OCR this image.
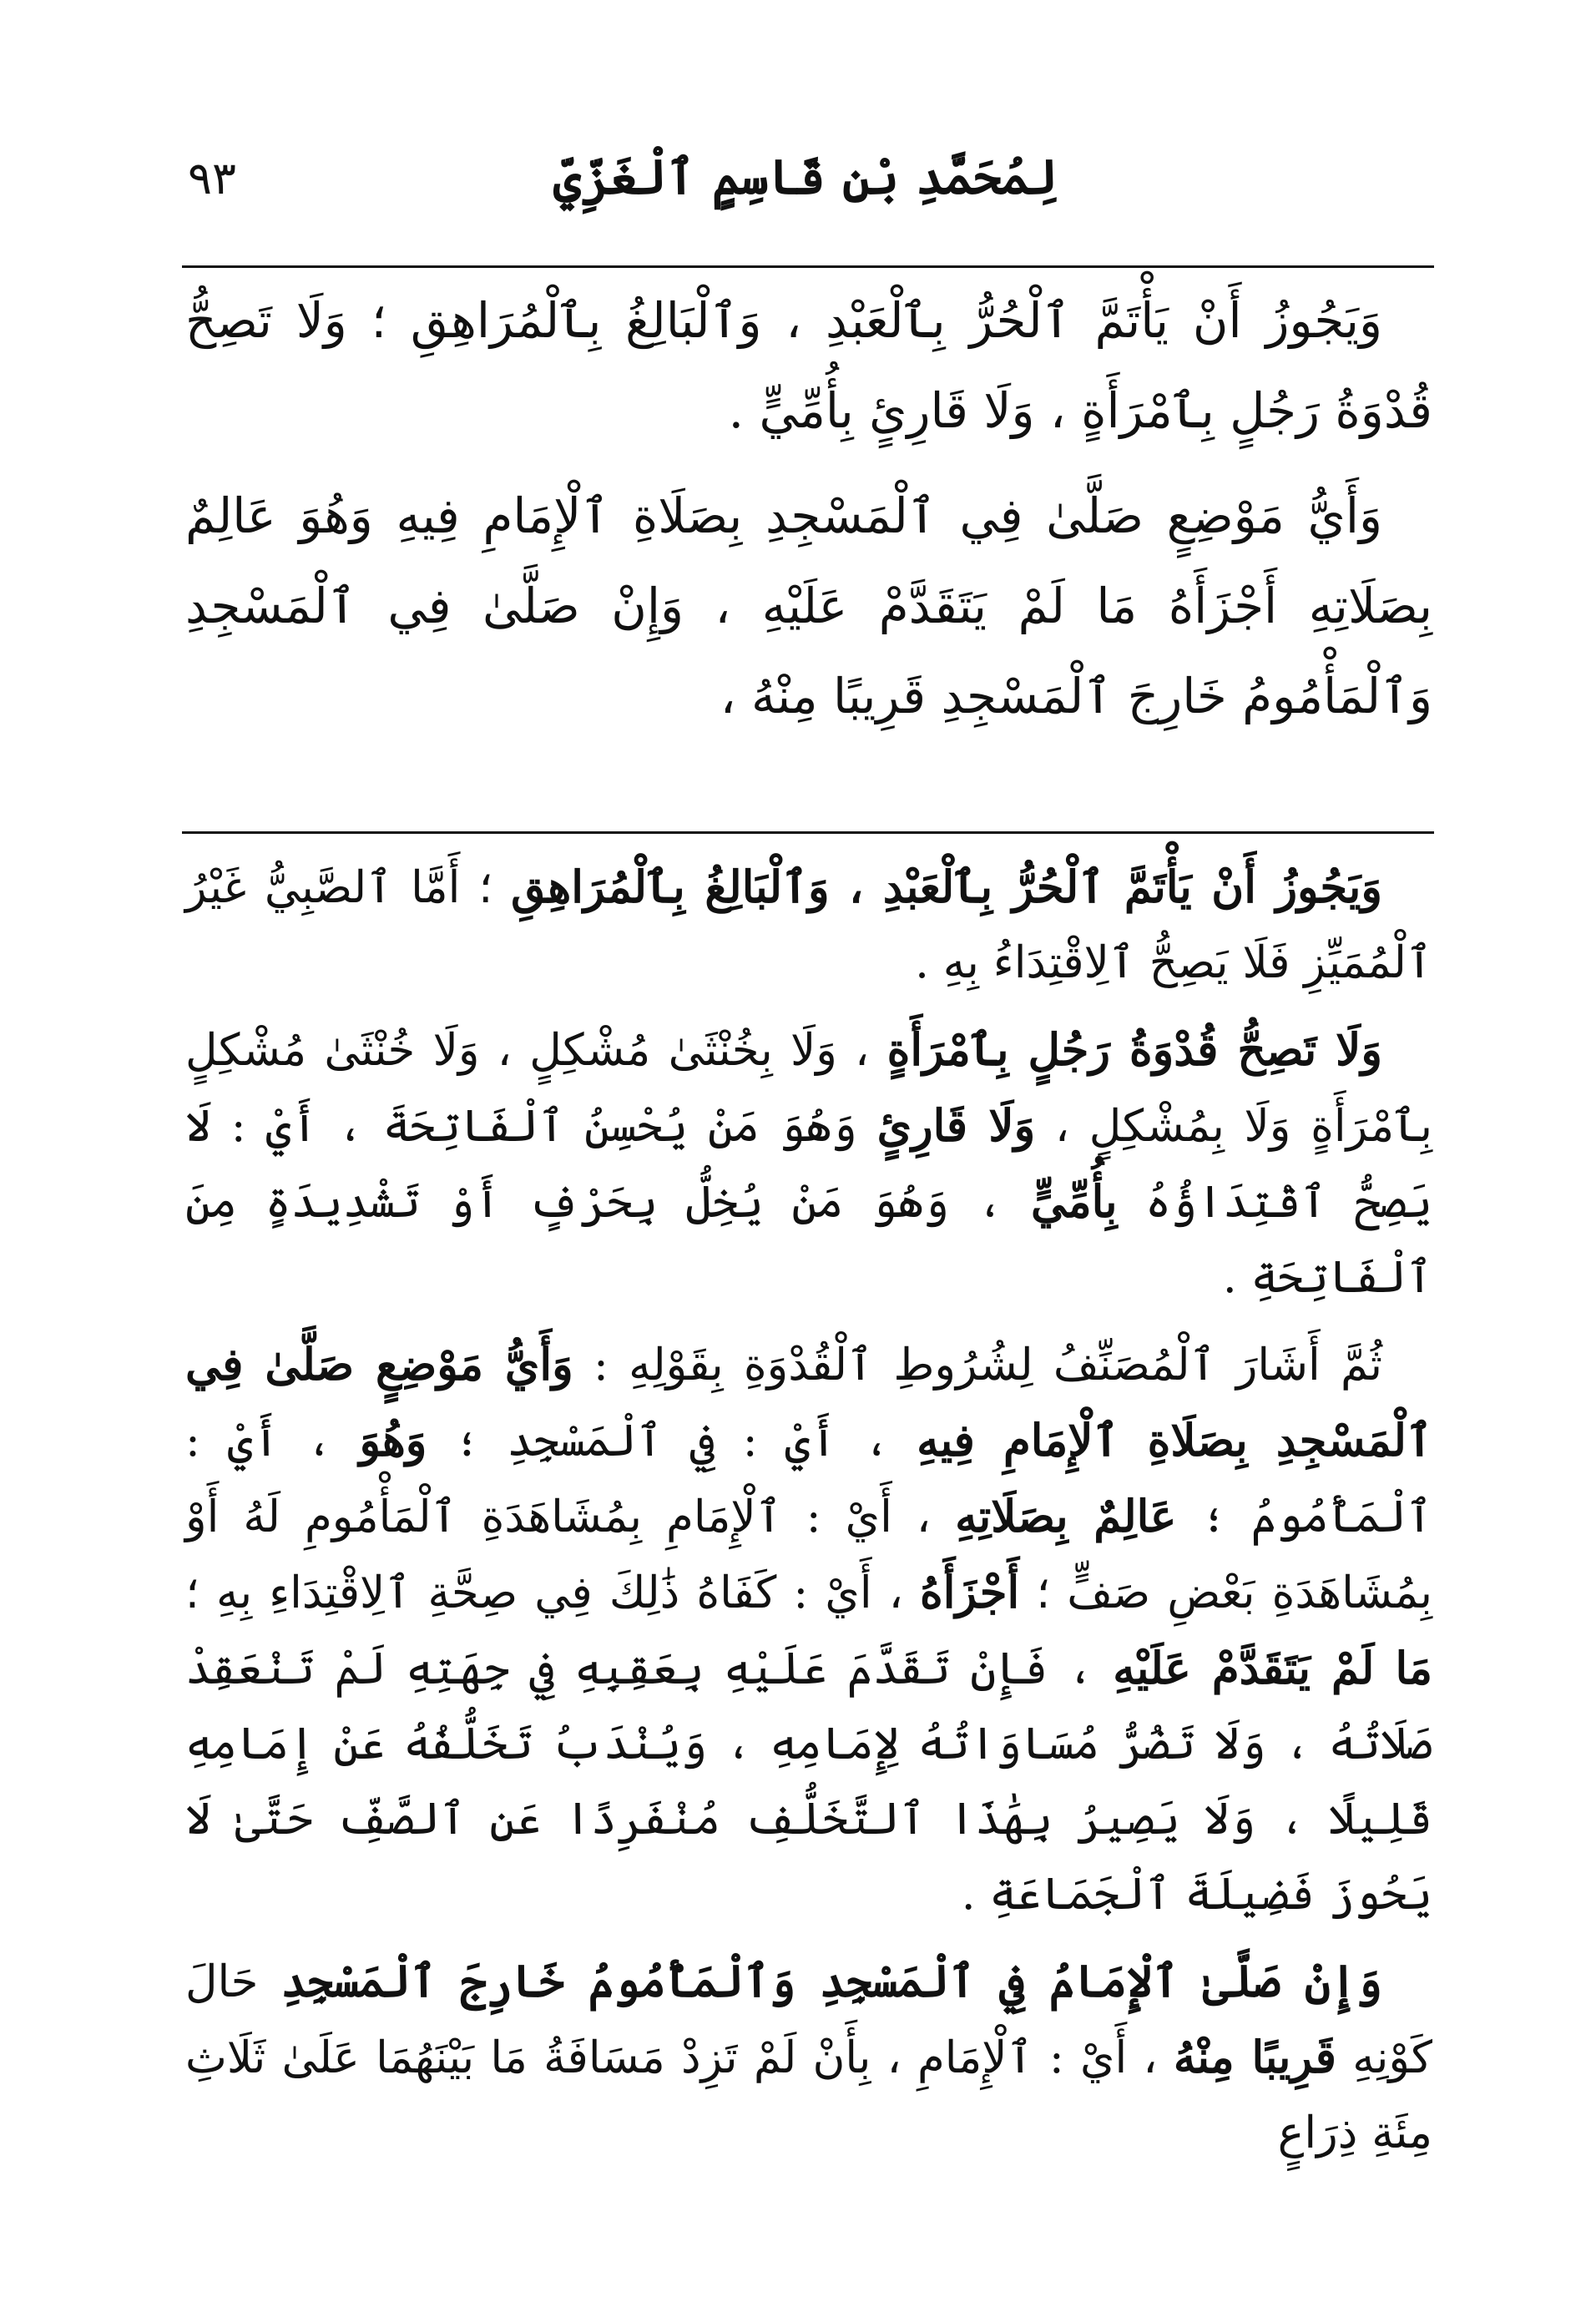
لِمُحَمَّدِ بْنِ قَاسِمٍ ٱلْغَزِّيِّ
٩٣

وَيَجُوزُ أَنْ يَأْتَمَّ ٱلْحُرُّ بِٱلْعَبْدِ ، وَٱلْبَالِغُ بِٱلْمُرَاهِقِ ؛ وَلَا تَصِحُّ قُدْوَةُ رَجُلٍ بِٱمْرَأَةٍ ، وَلَا قَارِئٍ بِأُمِّيٍّ .

وَأَيُّ مَوْضِعٍ صَلَّىٰ فِي ٱلْمَسْجِدِ بِصَلَاةِ ٱلْإِمَامِ فِيهِ وَهُوَ عَالِمٌ بِصَلَاتِهِ أَجْزَأَهُ مَا لَمْ يَتَقَدَّمْ عَلَيْهِ ، وَإِنْ صَلَّىٰ فِي ٱلْمَسْجِدِ وَٱلْمَأْمُومُ خَارِجَ ٱلْمَسْجِدِ قَرِيبًا مِنْهُ ،

وَيَجُوزُ أَنْ يَأْتَمَّ ٱلْحُرُّ بِٱلْعَبْدِ ، وَٱلْبَالِغُ بِٱلْمُرَاهِقِ ؛ أَمَّا ٱلصَّبِيُّ غَيْرُ ٱلْمُمَيِّزِ فَلَا يَصِحُّ ٱلِاقْتِدَاءُ بِهِ .

وَلَا تَصِحُّ قُدْوَةُ رَجُلٍ بِٱمْرَأَةٍ ، وَلَا بِخُنْثَىٰ مُشْكِلٍ ، وَلَا خُنْثَىٰ مُشْكِلٍ بِٱمْرَأَةٍ وَلَا بِمُشْكِلٍ ، وَلَا قَارِئٍ وَهُوَ مَنْ يُحْسِنُ ٱلْفَاتِحَةَ ، أَيْ : لَا يَصِحُّ ٱقْتِدَاؤُهُ بِأُمِّيٍّ ، وَهُوَ مَنْ يُخِلُّ بِحَرْفٍ أَوْ تَشْدِيدَةٍ مِنَ ٱلْفَاتِحَةِ .

ثُمَّ أَشَارَ ٱلْمُصَنِّفُ لِشُرُوطِ ٱلْقُدْوَةِ بِقَوْلِهِ : وَأَيُّ مَوْضِعٍ صَلَّىٰ فِي ٱلْمَسْجِدِ بِصَلَاةِ ٱلْإِمَامِ فِيهِ ، أَيْ : فِي ٱلْمَسْجِدِ ؛ وَهُوَ ، أَيْ : ٱلْمَأْمُومُ ؛ عَالِمٌ بِصَلَاتِهِ ، أَيْ : ٱلْإِمَامِ بِمُشَاهَدَةِ ٱلْمَأْمُومِ لَهُ أَوْ بِمُشَاهَدَةِ بَعْضِ صَفٍّ ؛ أَجْزَأَهُ ، أَيْ : كَفَاهُ ذَٰلِكَ فِي صِحَّةِ ٱلِاقْتِدَاءِ بِهِ ؛ مَا لَمْ يَتَقَدَّمْ عَلَيْهِ ، فَإِنْ تَقَدَّمَ عَلَيْهِ بِعَقِبِهِ فِي جِهَتِهِ لَمْ تَنْعَقِدْ صَلَاتُهُ ، وَلَا تَضُرُّ مُسَاوَاتُهُ لِإِمَامِهِ ، وَيُنْدَبُ تَخَلُّفُهُ عَنْ إِمَامِهِ قَلِيلًا ، وَلَا يَصِيرُ بِهَٰذَا ٱلتَّخَلُّفِ مُنْفَرِدًا عَنِ ٱلصَّفِّ حَتَّىٰ لَا يَحُوزَ فَضِيلَةَ ٱلْجَمَاعَةِ .

وَإِنْ صَلَّىٰ ٱلْإِمَامُ فِي ٱلْمَسْجِدِ وَٱلْمَأْمُومُ خَارِجَ ٱلْمَسْجِدِ حَالَ كَوْنِهِ قَرِيبًا مِنْهُ ، أَيْ : ٱلْإِمَامِ ، بِأَنْ لَمْ تَزِدْ مَسَافَةُ مَا بَيْنَهُمَا عَلَىٰ ثَلَاثِ مِئَةِ ذِرَاعٍ
